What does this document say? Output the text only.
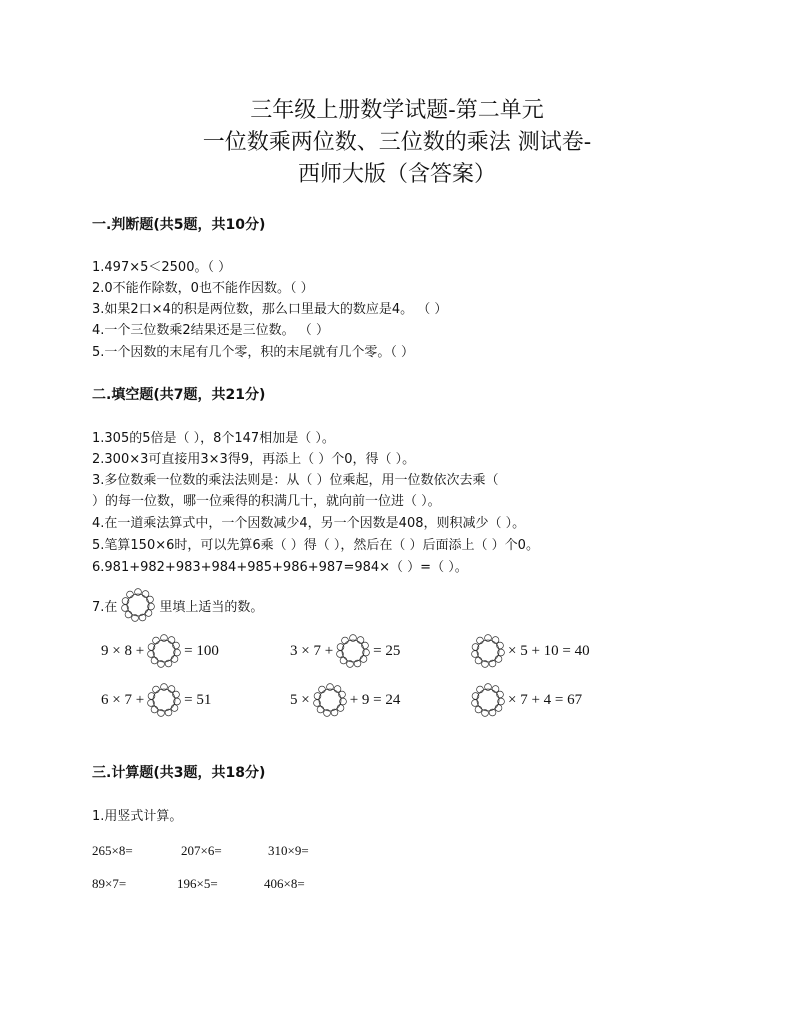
三年级上册数学试题-第二单元
一位数乘两位数、三位数的乘法 测试卷-
西师大版（含答案）
一.判断题(共5题，共10分)
1.497×5＜2500。（ ）
2.0不能作除数，0也不能作因数。（ ）
3.如果2口×4的积是两位数，那么口里最大的数应是4。 （ ）
4.一个三位数乘2结果还是三位数。 （ ）
5.一个因数的末尾有几个零，积的末尾就有几个零。（ ）
二.填空题(共7题，共21分)
1.305的5倍是（ ），8个147相加是（ ）。
2.300×3可直接用3×3得9，再添上（ ）个0，得（ ）。
3.多位数乘一位数的乘法法则是：从（ ）位乘起，用一位数依次去乘（
）的每一位数，哪一位乘得的积满几十，就向前一位进（ ）。
4.在一道乘法算式中，一个因数减少4，另一个因数是408，则积减少（ ）。
5.笔算150×6时，可以先算6乘（ ）得（ ），然后在（ ）后面添上（ ）个0。
6.981+982+983+984+985+986+987=984×（ ）=（ ）。
7.在	里填上适当的数。
9 × 8 +	= 100	3 × 7 +	= 25	× 5 + 10 = 40
6 × 7 +	= 51	5 ×	+ 9 = 24	× 7 + 4 = 67
三.计算题(共3题，共18分)
1.用竖式计算。
265×8=	207×6=	310×9=
89×7=	196×5=	406×8=
